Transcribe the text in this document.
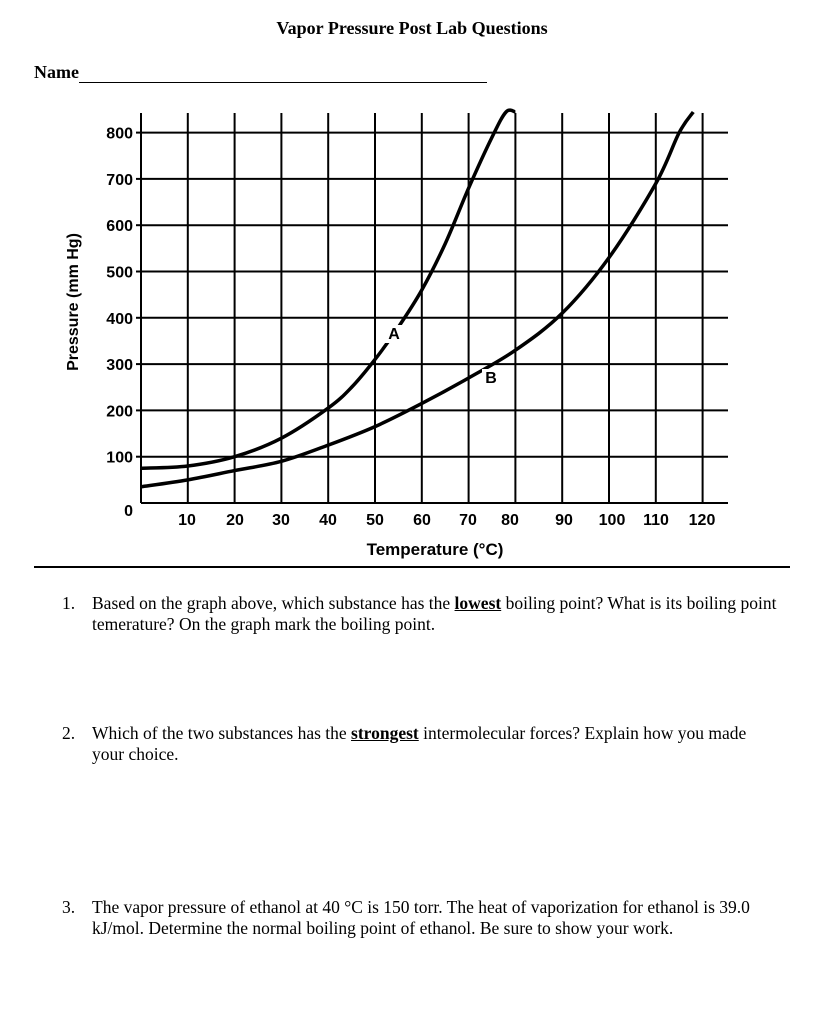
Vapor Pressure Post Lab Questions
Name
Temperature (°C)
Pressure (mm Hg)
0
100
200
300
400
500
600
700
800
10 20 30 40 50 60 70 80 90 100 110 120
A
B
1. Based on the graph above, which substance has the lowest boiling point? What is its boiling point temerature? On the graph mark the boiling point.
2. Which of the two substances has the strongest intermolecular forces? Explain how you made your choice.
3. The vapor pressure of ethanol at 40 °C is 150 torr. The heat of vaporization for ethanol is 39.0 kJ/mol. Determine the normal boiling point of ethanol. Be sure to show your work.
